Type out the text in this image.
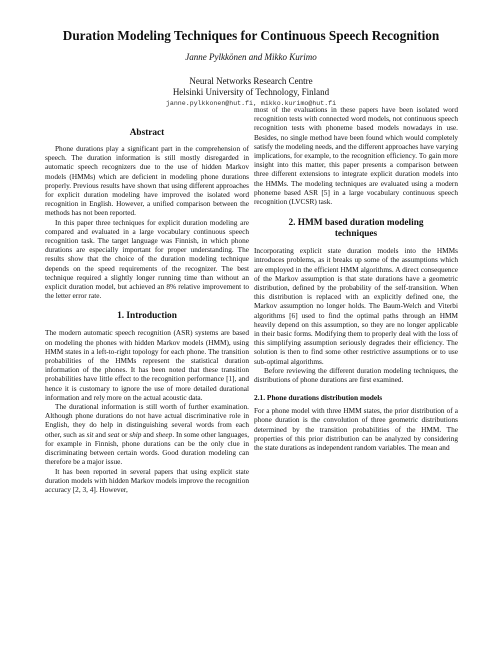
Duration Modeling Techniques for Continuous Speech Recognition
Janne Pylkkönen and Mikko Kurimo
Neural Networks Research Centre
Helsinki University of Technology, Finland
janne.pylkkonen@hut.fi, mikko.kurimo@hut.fi
Abstract

Phone durations play a significant part in the comprehension of speech. The duration information is still mostly disregarded in automatic speech recognizers due to the use of hidden Markov models (HMMs) which are deficient in modeling phone durations properly. Previous results have shown that using different approaches for explicit duration modeling have improved the isolated word recognition in English. However, a unified comparison between the methods has not been reported.

In this paper three techniques for explicit duration modeling are compared and evaluated in a large vocabulary continuous speech recognition task. The target language was Finnish, in which phone durations are especially important for proper understanding. The results show that the choice of the duration modeling technique depends on the speed requirements of the recognizer. The best technique required a slightly longer running time than without an explicit duration model, but achieved an 8% relative improvement to the letter error rate.

1. Introduction

The modern automatic speech recognition (ASR) systems are based on modeling the phones with hidden Markov models (HMM), using HMM states in a left-to-right topology for each phone. The transition probabilities of the HMMs represent the statistical duration information of the phones. It has been noted that these transition probabilities have little effect to the recognition performance [1], and hence it is customary to ignore the use of more detailed durational information and rely more on the actual acoustic data.

The durational information is still worth of further examination. Although phone durations do not have actual discriminative role in English, they do help in distinguishing several words from each other, such as sit and seat or ship and sheep. In some other languages, for example in Finnish, phone durations can be the only clue in discriminating between certain words. Good duration modeling can therefore be a major issue.

It has been reported in several papers that using explicit state duration models with hidden Markov models improve the recognition accuracy [2, 3, 4]. However,

most of the evaluations in these papers have been isolated word recognition tests with connected word models, not continuous speech recognition tests with phoneme based models nowadays in use. Besides, no single method have been found which would completely satisfy the modeling needs, and the different approaches have varying implications, for example, to the recognition efficiency. To gain more insight into this matter, this paper presents a comparison between three different extensions to integrate explicit duration models into the HMMs. The modeling techniques are evaluated using a modern phoneme based ASR [5] in a large vocabulary continuous speech recognition (LVCSR) task.

2. HMM based duration modeling
techniques

Incorporating explicit state duration models into the HMMs introduces problems, as it breaks up some of the assumptions which are employed in the efficient HMM algorithms. A direct consequence of the Markov assumption is that state durations have a geometric distribution, defined by the probability of the self-transition. When this distribution is replaced with an explicitly defined one, the Markov assumption no longer holds. The Baum-Welch and Viterbi algorithms [6] used to find the optimal paths through an HMM heavily depend on this assumption, so they are no longer applicable in their basic forms. Modifying them to properly deal with the loss of this simplifying assumption seriously degrades their efficiency. The solution is then to find some other restrictive assumptions or to use sub-optimal algorithms.

Before reviewing the different duration modeling techniques, the distributions of phone durations are first examined.

2.1. Phone durations distribution models

For a phone model with three HMM states, the prior distribution of a phone duration is the convolution of three geometric distributions determined by the transition probabilities of the HMM. The properties of this prior distribution can be analyzed by considering the state durations as independent random variables. The mean and
